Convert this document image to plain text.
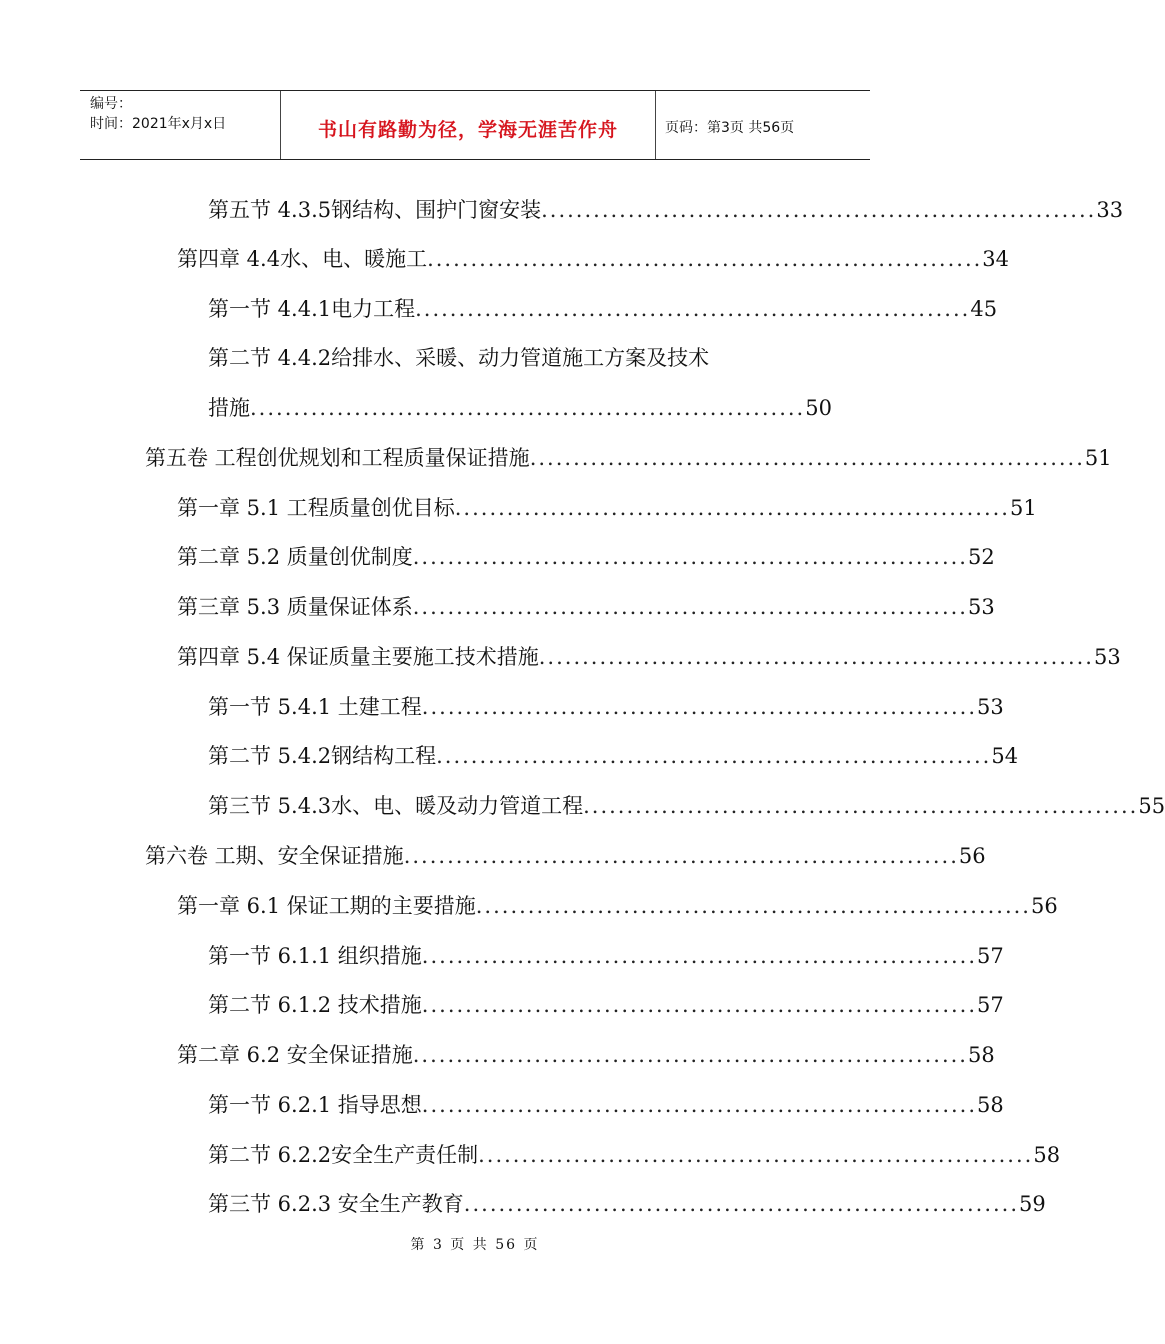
编号：
时间：2021年x月x日	书山有路勤为径，学海无涯苦作舟	页码：第3页 共56页
第五节 4.3.5钢结构、围护门窗安装 ................................................................ 33
第四章 4.4水、电、暖施工 ................................................................ 34
第一节 4.4.1电力工程 ................................................................ 45
第二节 4.4.2给排水、采暖、动力管道施工方案及技术
措施 ................................................................ 50
第五卷 工程创优规划和工程质量保证措施 ................................................................ 51
第一章 5.1 工程质量创优目标 ................................................................ 51
第二章 5.2 质量创优制度 ................................................................ 52
第三章 5.3 质量保证体系 ................................................................ 53
第四章 5.4 保证质量主要施工技术措施 ................................................................ 53
第一节 5.4.1 土建工程 ................................................................ 53
第二节 5.4.2钢结构工程 ................................................................ 54
第三节 5.4.3水、电、暖及动力管道工程 ................................................................ 55
第六卷 工期、安全保证措施 ................................................................ 56
第一章 6.1 保证工期的主要措施 ................................................................ 56
第一节 6.1.1 组织措施 ................................................................ 57
第二节 6.1.2 技术措施 ................................................................ 57
第二章 6.2 安全保证措施 ................................................................ 58
第一节 6.2.1 指导思想 ................................................................ 58
第二节 6.2.2安全生产责任制 ................................................................ 58
第三节 6.2.3 安全生产教育 ................................................................ 59
第 3 页 共 56 页
